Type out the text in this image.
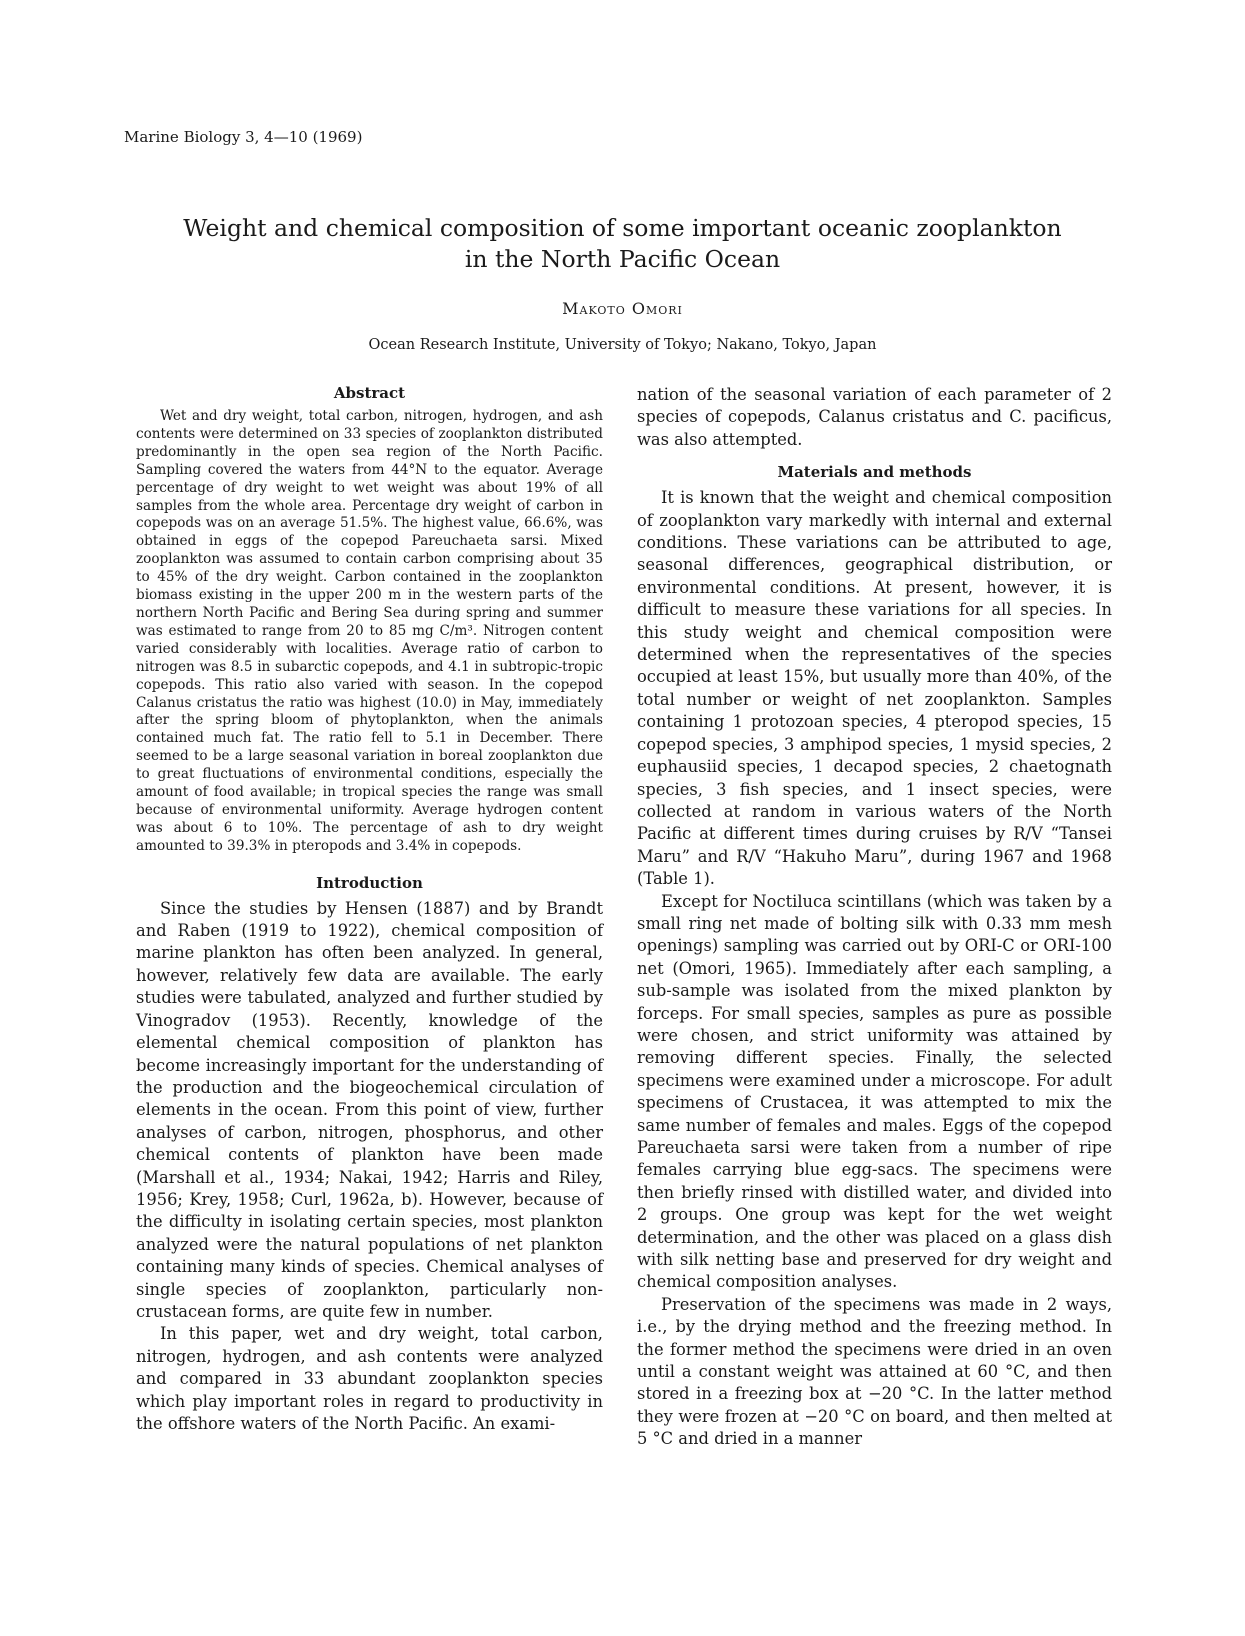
Marine Biology 3, 4—10 (1969)
Weight and chemical composition of some important oceanic zooplankton
in the North Pacific Ocean
Makoto Omori
Ocean Research Institute, University of Tokyo; Nakano, Tokyo, Japan
Abstract

Wet and dry weight, total carbon, nitrogen, hydrogen, and ash contents were determined on 33 species of zooplankton distributed predominantly in the open sea region of the North Pacific. Sampling covered the waters from 44°N to the equator. Average percentage of dry weight to wet weight was about 19% of all samples from the whole area. Percentage dry weight of carbon in copepods was on an average 51.5%. The highest value, 66.6%, was obtained in eggs of the copepod Pareuchaeta sarsi. Mixed zooplankton was assumed to contain carbon comprising about 35 to 45% of the dry weight. Carbon contained in the zooplankton biomass existing in the upper 200 m in the western parts of the northern North Pacific and Bering Sea during spring and summer was estimated to range from 20 to 85 mg C/m³. Nitrogen content varied considerably with localities. Average ratio of carbon to nitrogen was 8.5 in subarctic copepods, and 4.1 in subtropic-tropic copepods. This ratio also varied with season. In the copepod Calanus cristatus the ratio was highest (10.0) in May, immediately after the spring bloom of phytoplankton, when the animals contained much fat. The ratio fell to 5.1 in December. There seemed to be a large seasonal variation in boreal zooplankton due to great fluctuations of environmental conditions, especially the amount of food available; in tropical species the range was small because of environmental uniformity. Average hydrogen content was about 6 to 10%. The percentage of ash to dry weight amounted to 39.3% in pteropods and 3.4% in copepods.

Introduction

Since the studies by Hensen (1887) and by Brandt and Raben (1919 to 1922), chemical composition of marine plankton has often been analyzed. In general, however, relatively few data are available. The early studies were tabulated, analyzed and further studied by Vinogradov (1953). Recently, knowledge of the elemental chemical composition of plankton has become increasingly important for the understanding of the production and the biogeochemical circulation of elements in the ocean. From this point of view, further analyses of carbon, nitrogen, phosphorus, and other chemical contents of plankton have been made (Marshall et al., 1934; Nakai, 1942; Harris and Riley, 1956; Krey, 1958; Curl, 1962a, b). However, because of the difficulty in isolating certain species, most plankton analyzed were the natural populations of net plankton containing many kinds of species. Chemical analyses of single species of zooplankton, particularly non-crustacean forms, are quite few in number.

In this paper, wet and dry weight, total carbon, nitrogen, hydrogen, and ash contents were analyzed and compared in 33 abundant zooplankton species which play important roles in regard to productivity in the offshore waters of the North Pacific. An exami-

nation of the seasonal variation of each parameter of 2 species of copepods, Calanus cristatus and C. pacificus, was also attempted.

Materials and methods

It is known that the weight and chemical composition of zooplankton vary markedly with internal and external conditions. These variations can be attributed to age, seasonal differences, geographical distribution, or environmental conditions. At present, however, it is difficult to measure these variations for all species. In this study weight and chemical composition were determined when the representatives of the species occupied at least 15%, but usually more than 40%, of the total number or weight of net zooplankton. Samples containing 1 protozoan species, 4 pteropod species, 15 copepod species, 3 amphipod species, 1 mysid species, 2 euphausiid species, 1 decapod species, 2 chaetognath species, 3 fish species, and 1 insect species, were collected at random in various waters of the North Pacific at different times during cruises by R/V “Tansei Maru” and R/V “Hakuho Maru”, during 1967 and 1968 (Table 1).

Except for Noctiluca scintillans (which was taken by a small ring net made of bolting silk with 0.33 mm mesh openings) sampling was carried out by ORI-C or ORI-100 net (Omori, 1965). Immediately after each sampling, a sub-sample was isolated from the mixed plankton by forceps. For small species, samples as pure as possible were chosen, and strict uniformity was attained by removing different species. Finally, the selected specimens were examined under a microscope. For adult specimens of Crustacea, it was attempted to mix the same number of females and males. Eggs of the copepod Pareuchaeta sarsi were taken from a number of ripe females carrying blue egg-sacs. The specimens were then briefly rinsed with distilled water, and divided into 2 groups. One group was kept for the wet weight determination, and the other was placed on a glass dish with silk netting base and preserved for dry weight and chemical composition analyses.

Preservation of the specimens was made in 2 ways, i.e., by the drying method and the freezing method. In the former method the specimens were dried in an oven until a constant weight was attained at 60 °C, and then stored in a freezing box at −20 °C. In the latter method they were frozen at −20 °C on board, and then melted at 5 °C and dried in a manner
